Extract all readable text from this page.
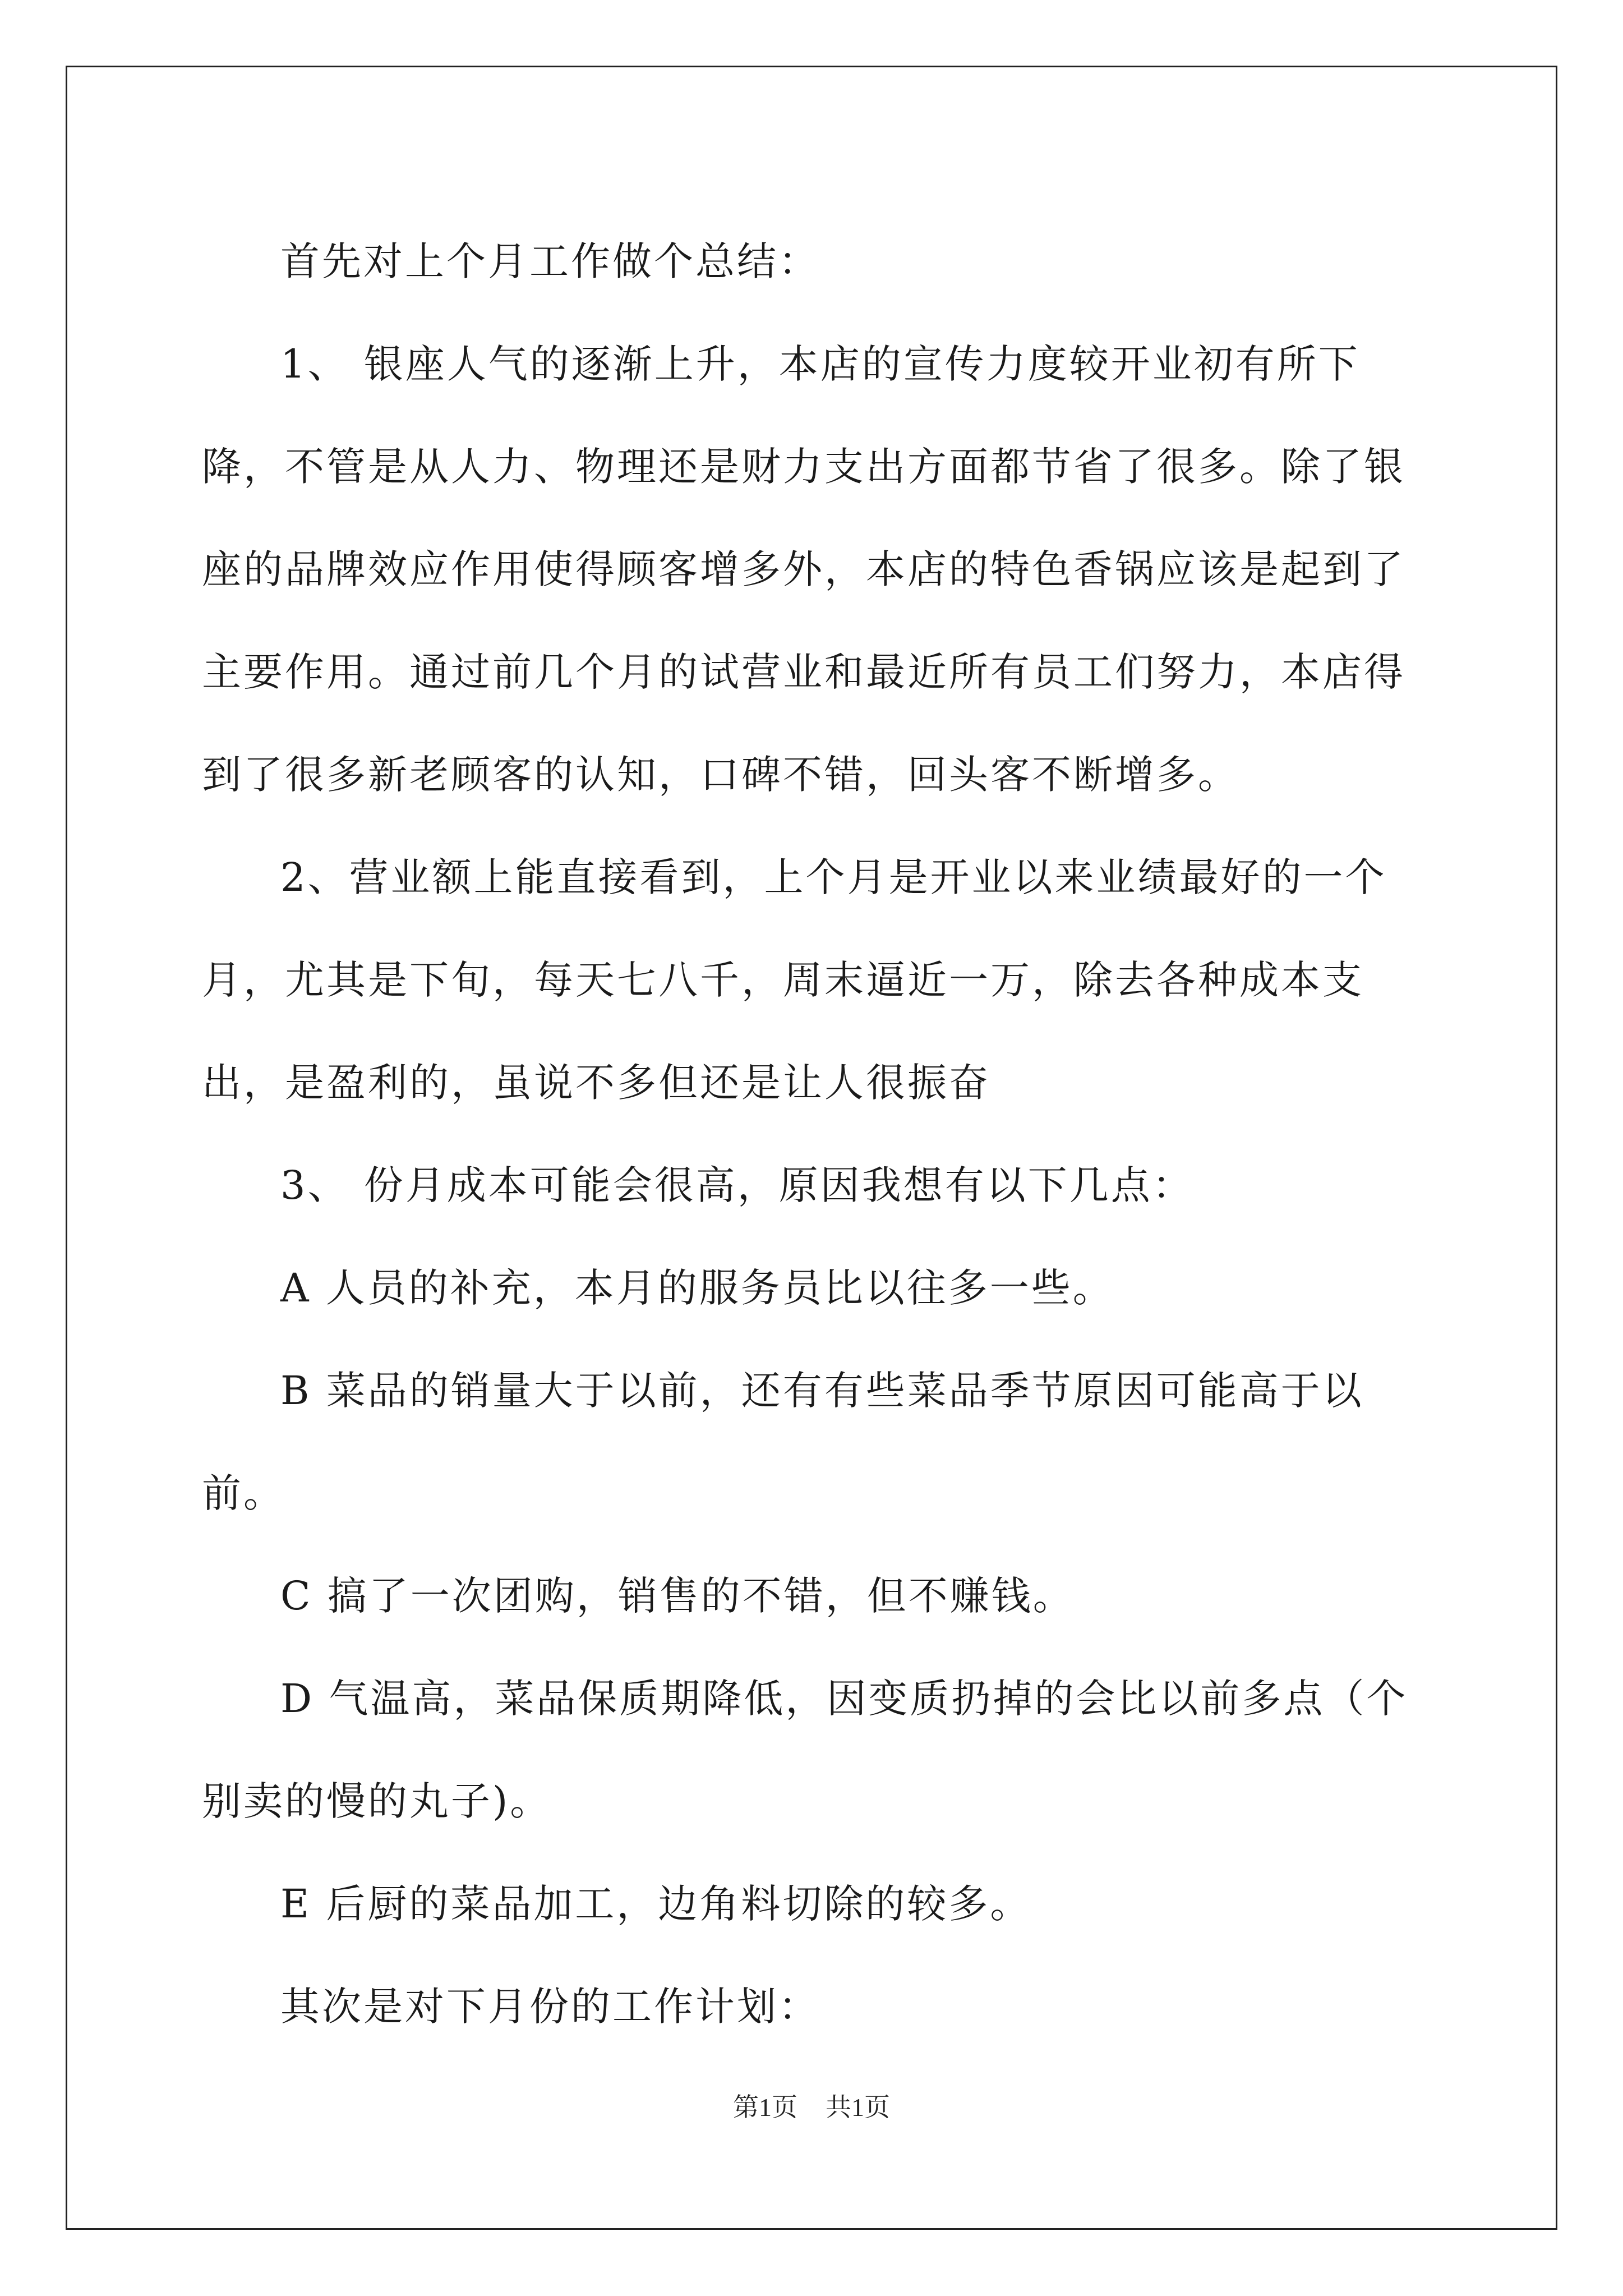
首先对上个月工作做个总结：

1、 银座人气的逐渐上升，本店的宣传力度较开业初有所下降，不管是从人力、物理还是财力支出方面都节省了很多。除了银座的品牌效应作用使得顾客增多外，本店的特色香锅应该是起到了主要作用。通过前几个月的试营业和最近所有员工们努力，本店得到了很多新老顾客的认知，口碑不错，回头客不断增多。

2、营业额上能直接看到，上个月是开业以来业绩最好的一个月，尤其是下旬，每天七八千，周末逼近一万，除去各种成本支出，是盈利的，虽说不多但还是让人很振奋

3、 份月成本可能会很高，原因我想有以下几点：

A 人员的补充，本月的服务员比以往多一些。

B 菜品的销量大于以前，还有有些菜品季节原因可能高于以前。

C 搞了一次团购，销售的不错，但不赚钱。

D 气温高，菜品保质期降低，因变质扔掉的会比以前多点（个别卖的慢的丸子)。

E 后厨的菜品加工，边角料切除的较多。

其次是对下月份的工作计划：

第1页 共1页
